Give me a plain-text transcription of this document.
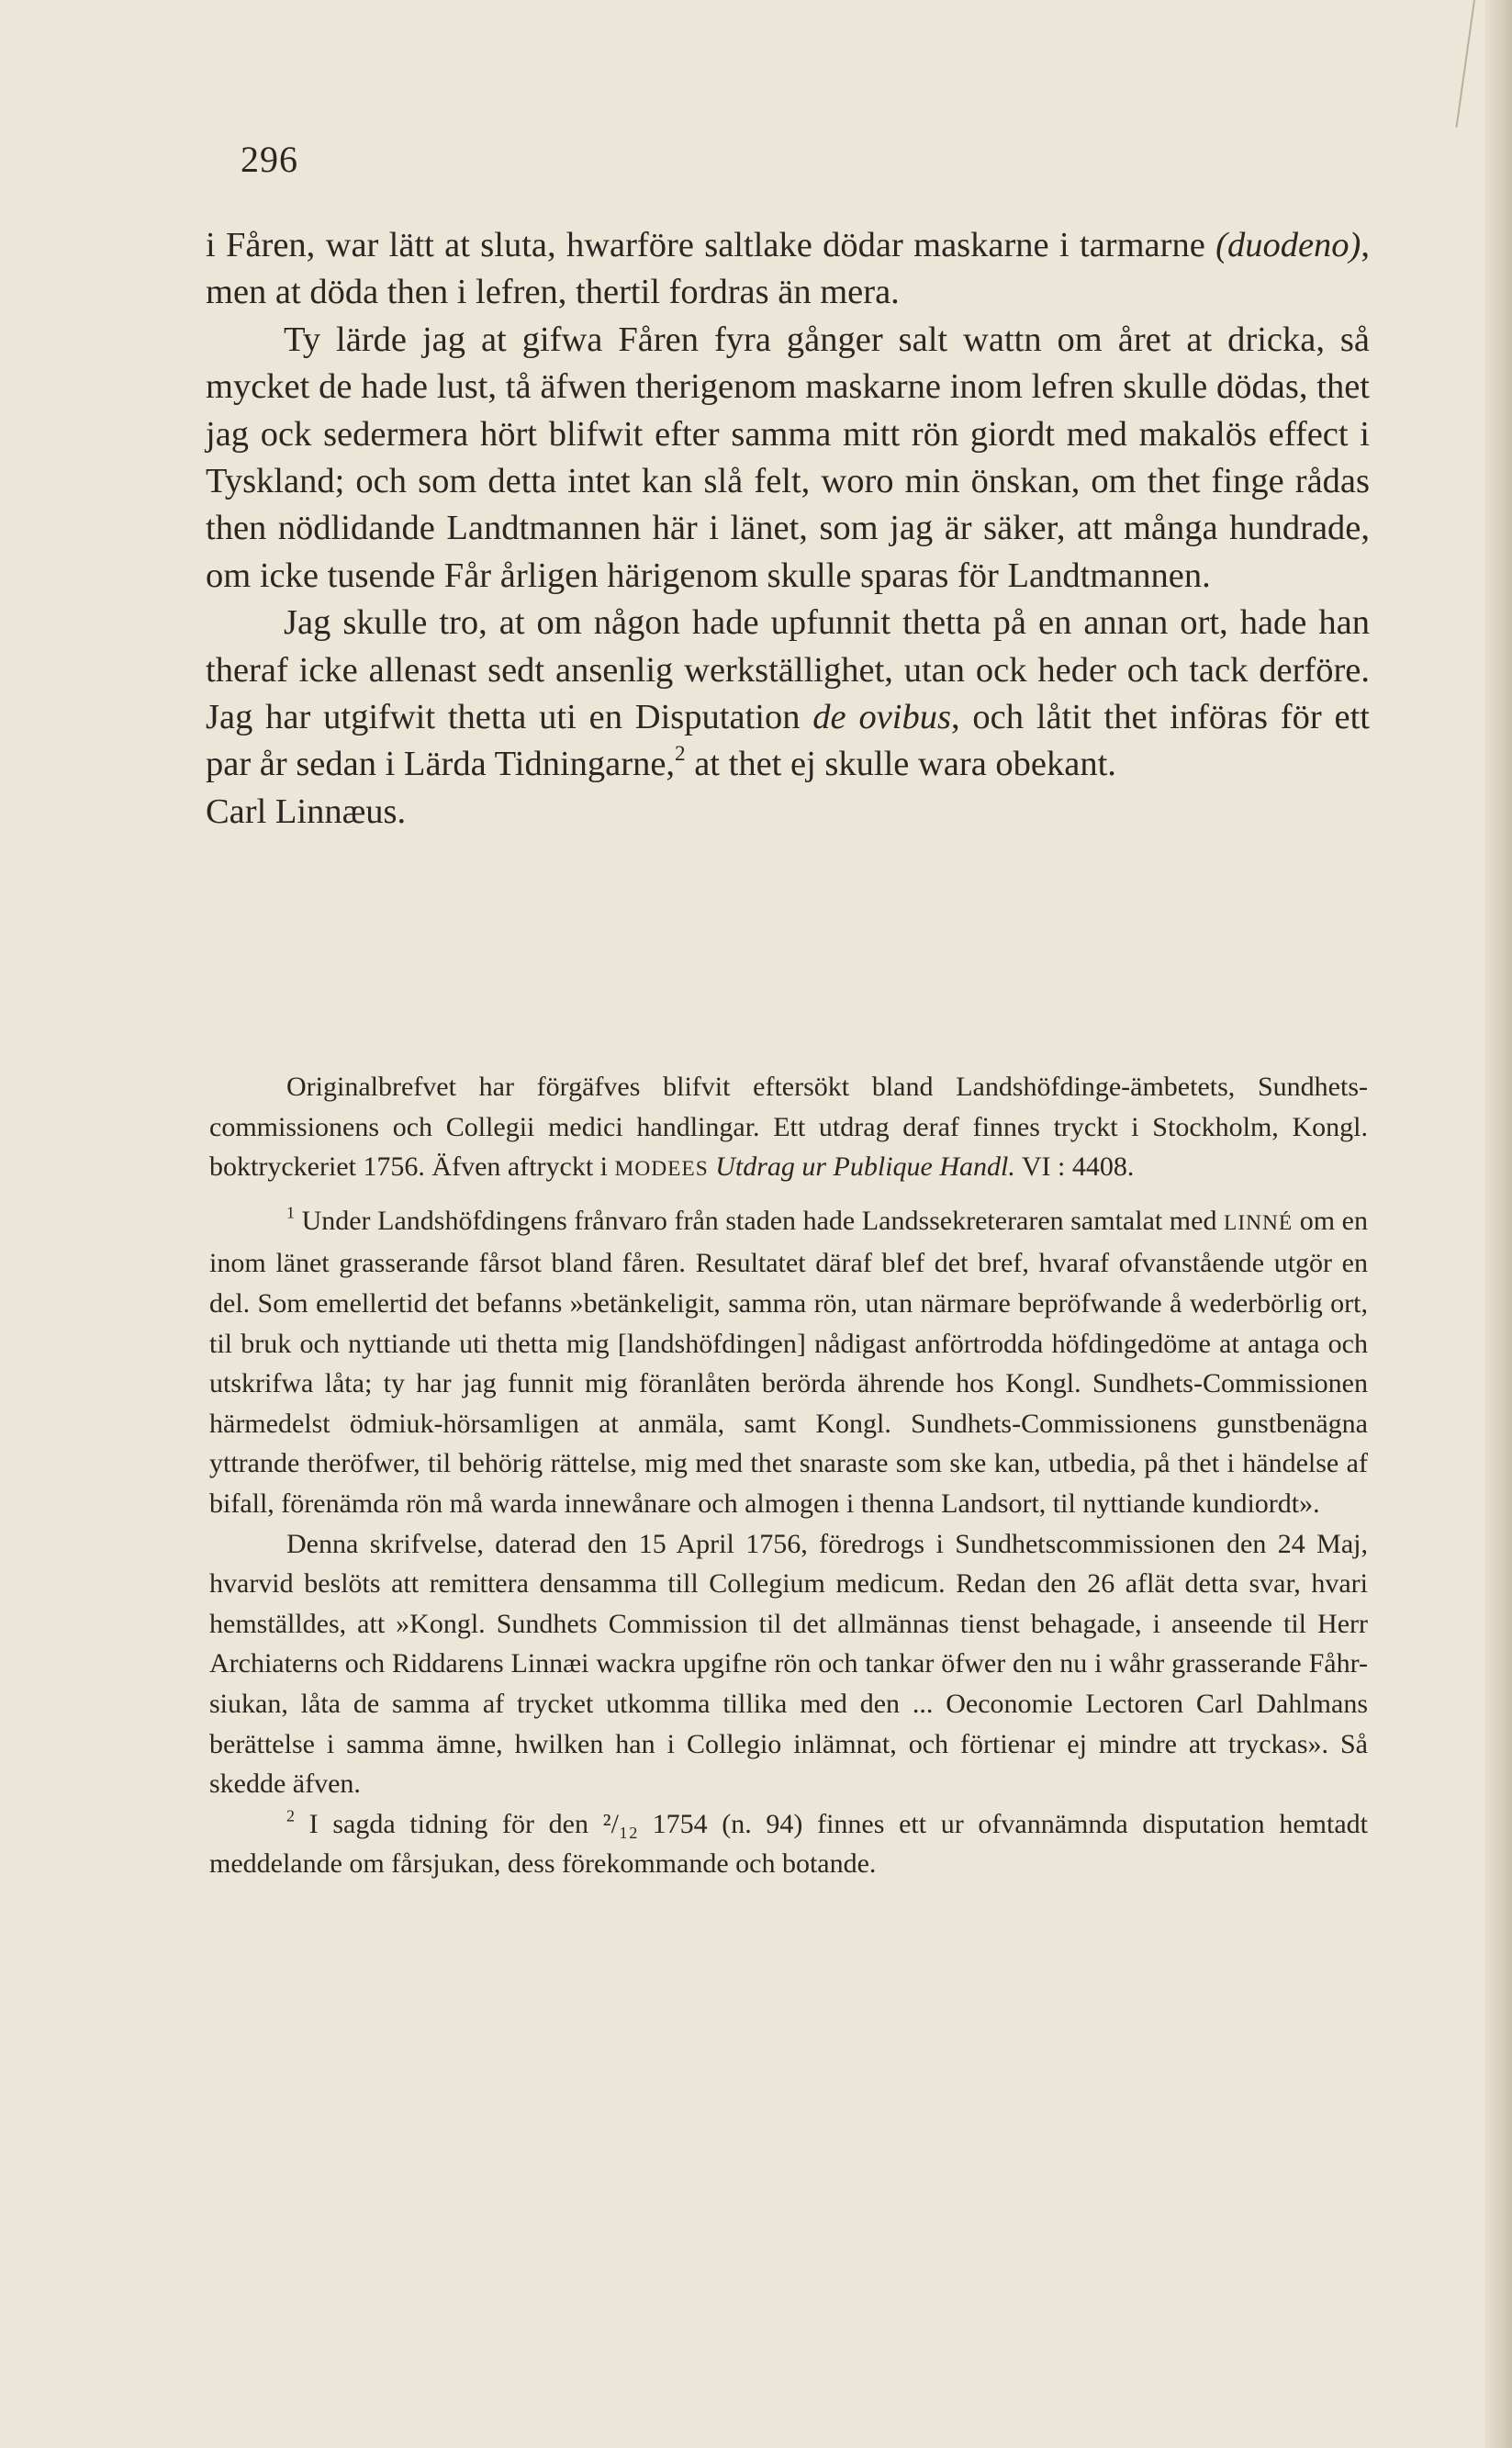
296

i Fåren, war lätt at sluta, hwarföre saltlake dödar maskarne i tarmarne (duodeno), men at döda then i lefren, thertil fordras än mera.

Ty lärde jag at gifwa Fåren fyra gånger salt wattn om året at dricka, så mycket de hade lust, tå äfwen therigenom maskarne inom lefren skulle dödas, thet jag ock sedermera hört blifwit efter samma mitt rön giordt med makalös effect i Tyskland; och som detta intet kan slå felt, woro min önskan, om thet finge rådas then nödlidande Landtmannen här i länet, som jag är säker, att många hundrade, om icke tusende Får årligen härigenom skulle sparas för Landtmannen.

Jag skulle tro, at om någon hade upfunnit thetta på en annan ort, hade han theraf icke allenast sedt ansenlig werkställighet, utan ock heder och tack derföre. Jag har utgifwit thetta uti en Disputation de ovibus, och låtit thet införas för ett par år sedan i Lärda Tidningarne,$^2$ at thet ej skulle wara obekant.

Carl Linnæus.

Originalbrefvet har förgäfves blifvit eftersökt bland Landshöfdinge-ämbetets, Sundhets-commissionens och Collegii medici handlingar. Ett utdrag deraf finnes tryckt i Stockholm, Kongl. boktryckeriet 1756. Äfven aftryckt i MODEES Utdrag ur Publique Handl. VI : 4408.

$^1$ Under Landshöfdingens frånvaro från staden hade Landssekreteraren samtalat med LINNÉ om en inom länet grasserande fårsot bland fåren. Resultatet däraf blef det bref, hvaraf ofvanstående utgör en del. Som emellertid det befanns »betänkeligit, samma rön, utan närmare bepröfwande å wederbörlig ort, til bruk och nyttiande uti thetta mig [landshöfdingen] nådigast anförtrodda höfdingedöme at antaga och utskrifwa låta; ty har jag funnit mig föranlåten berörda ährende hos Kongl. Sundhets-Commissionen härmedelst ödmiuk-hörsamligen at anmäla, samt Kongl. Sundhets-Commissionens gunstbenägna yttrande theröfwer, til behörig rättelse, mig med thet snaraste som ske kan, utbedia, på thet i händelse af bifall, förenämda rön må warda innewånare och almogen i thenna Landsort, til nyttiande kundiordt».

Denna skrifvelse, daterad den 15 April 1756, föredrogs i Sundhetscommissionen den 24 Maj, hvarvid beslöts att remittera densamma till Collegium medicum. Redan den 26 aflät detta svar, hvari hemställdes, att »Kongl. Sundhets Commission til det allmännas tienst behagade, i anseende til Herr Archiaterns och Riddarens Linnæi wackra upgifne rön och tankar öfwer den nu i wåhr grasserande Fåhr-siukan, låta de samma af trycket utkomma tillika med den ... Oeconomie Lectoren Carl Dahlmans berättelse i samma ämne, hwilken han i Collegio inlämnat, och förtienar ej mindre att tryckas». Så skedde äfven.

$^2$ I sagda tidning för den ²/₁₂ 1754 (n. 94) finnes ett ur ofvannämnda disputation hemtadt meddelande om fårsjukan, dess förekommande och botande.
